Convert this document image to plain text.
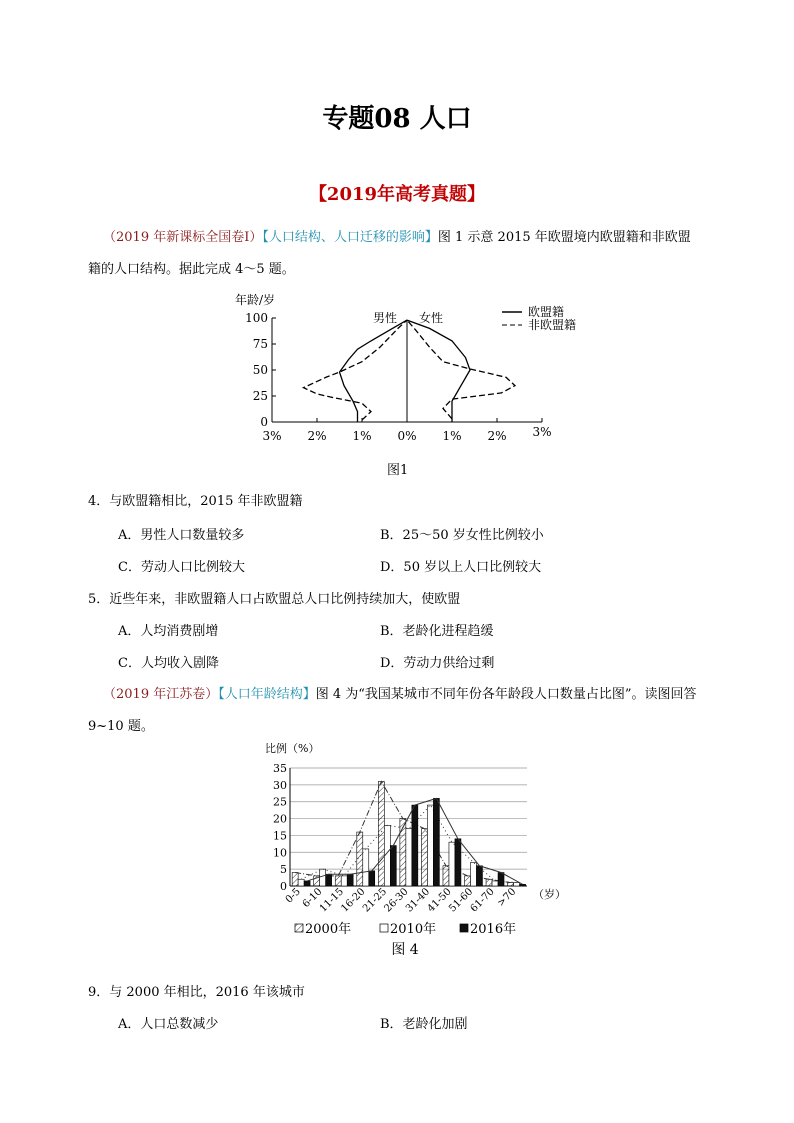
专题08 人口
【2019年高考真题】
（2019 年新课标全国卷Ⅰ）【人口结构、人口迁移的影响】图 1 示意 2015 年欧盟境内欧盟籍和非欧盟
籍的人口结构。据此完成 4～5 题。
年龄/岁
0
25
50
75
100
3% 2% 1% 0% 1% 2% 3%
男性 女性	欧盟籍
非欧盟籍
图1
4．与欧盟籍相比，2015 年非欧盟籍
A．男性人口数量较多	B．25～50 岁女性比例较小
C．劳动人口比例较大	D．50 岁以上人口比例较大
5．近些年来，非欧盟籍人口占欧盟总人口比例持续加大，使欧盟
A．人均消费剧增	B．老龄化进程趋缓
C．人均收入剧降	D．劳动力供给过剩
（2019 年江苏卷）【人口年龄结构】图 4 为“我国某城市不同年份各年龄段人口数量占比图”。读图回答
9~10 题。
比例（%）
0
5
10
15
20
25
30
35
0-5
6-10
11-15
16-20
21-25
26-30
31-40
41-50
51-60
61-70
>70 （岁）
2000年	2010年	2016年
图 4
9．与 2000 年相比，2016 年该城市
A．人口总数减少	B．老龄化加剧
